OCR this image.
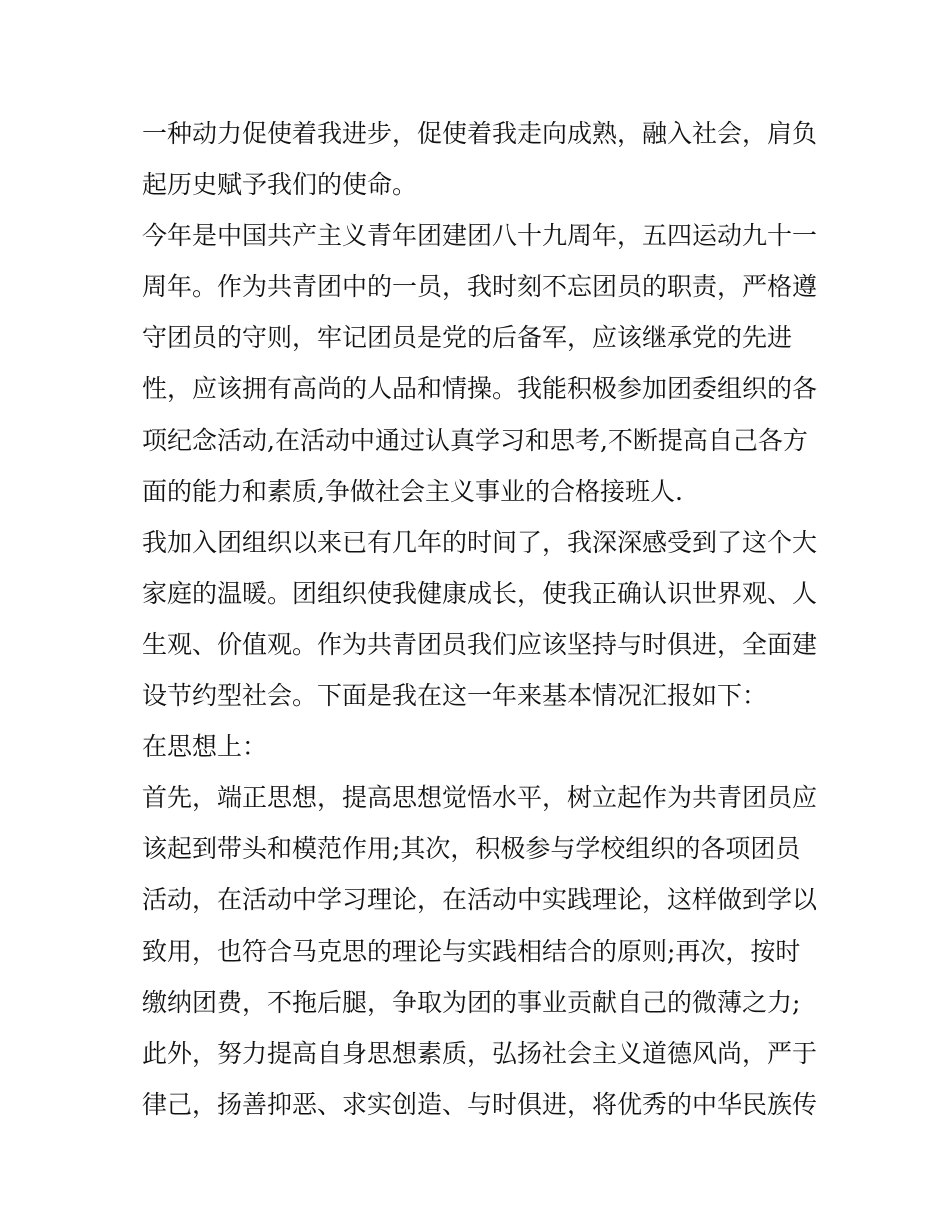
一种动力促使着我进步，促使着我走向成熟，融入社会，肩负
起历史赋予我们的使命。
今年是中国共产主义青年团建团八十九周年，五四运动九十一
周年。作为共青团中的一员，我时刻不忘团员的职责，严格遵
守团员的守则，牢记团员是党的后备军，应该继承党的先进
性，应该拥有高尚的人品和情操。我能积极参加团委组织的各
项纪念活动,在活动中通过认真学习和思考,不断提高自己各方
面的能力和素质,争做社会主义事业的合格接班人.
我加入团组织以来已有几年的时间了，我深深感受到了这个大
家庭的温暖。团组织使我健康成长，使我正确认识世界观、人
生观、价值观。作为共青团员我们应该坚持与时俱进，全面建
设节约型社会。下面是我在这一年来基本情况汇报如下：
在思想上：
首先，端正思想，提高思想觉悟水平，树立起作为共青团员应
该起到带头和模范作用;其次，积极参与学校组织的各项团员
活动，在活动中学习理论，在活动中实践理论，这样做到学以
致用，也符合马克思的理论与实践相结合的原则;再次，按时
缴纳团费，不拖后腿，争取为团的事业贡献自己的微薄之力;
此外，努力提高自身思想素质，弘扬社会主义道德风尚，严于
律己，扬善抑恶、求实创造、与时俱进，将优秀的中华民族传
